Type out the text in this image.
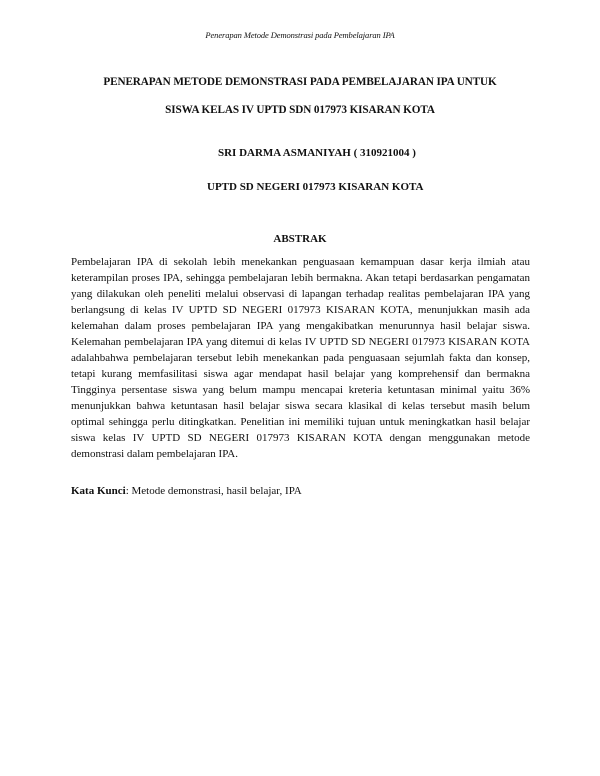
Penerapan Metode Demonstrasi pada Pembelajaran IPA
PENERAPAN METODE DEMONSTRASI PADA PEMBELAJARAN IPA UNTUK
SISWA KELAS IV UPTD SDN 017973 KISARAN KOTA
SRI DARMA ASMANIYAH ( 310921004 )
UPTD SD NEGERI 017973 KISARAN KOTA
ABSTRAK

Pembelajaran IPA di sekolah lebih menekankan penguasaan kemampuan dasar kerja ilmiah atau keterampilan proses IPA, sehingga pembelajaran lebih bermakna. Akan tetapi berdasarkan pengamatan yang dilakukan oleh peneliti melalui observasi di lapangan terhadap realitas pembelajaran IPA yang berlangsung di kelas IV UPTD SD NEGERI 017973 KISARAN KOTA, menunjukkan masih ada kelemahan dalam proses pembelajaran IPA yang mengakibatkan menurunnya hasil belajar siswa. Kelemahan pembelajaran IPA yang ditemui di kelas IV UPTD SD NEGERI 017973 KISARAN KOTA adalahbahwa pembelajaran tersebut lebih menekankan pada penguasaan sejumlah fakta dan konsep, tetapi kurang memfasilitasi siswa agar mendapat hasil belajar yang komprehensif dan bermakna Tingginya persentase siswa yang belum mampu mencapai kreteria ketuntasan minimal yaitu 36% menunjukkan bahwa ketuntasan hasil belajar siswa secara klasikal di kelas tersebut masih belum optimal sehingga perlu ditingkatkan. Penelitian ini memiliki tujuan untuk meningkatkan hasil belajar siswa kelas IV UPTD SD NEGERI 017973 KISARAN KOTA dengan menggunakan metode demonstrasi dalam pembelajaran IPA.

Kata Kunci: Metode demonstrasi, hasil belajar, IPA
